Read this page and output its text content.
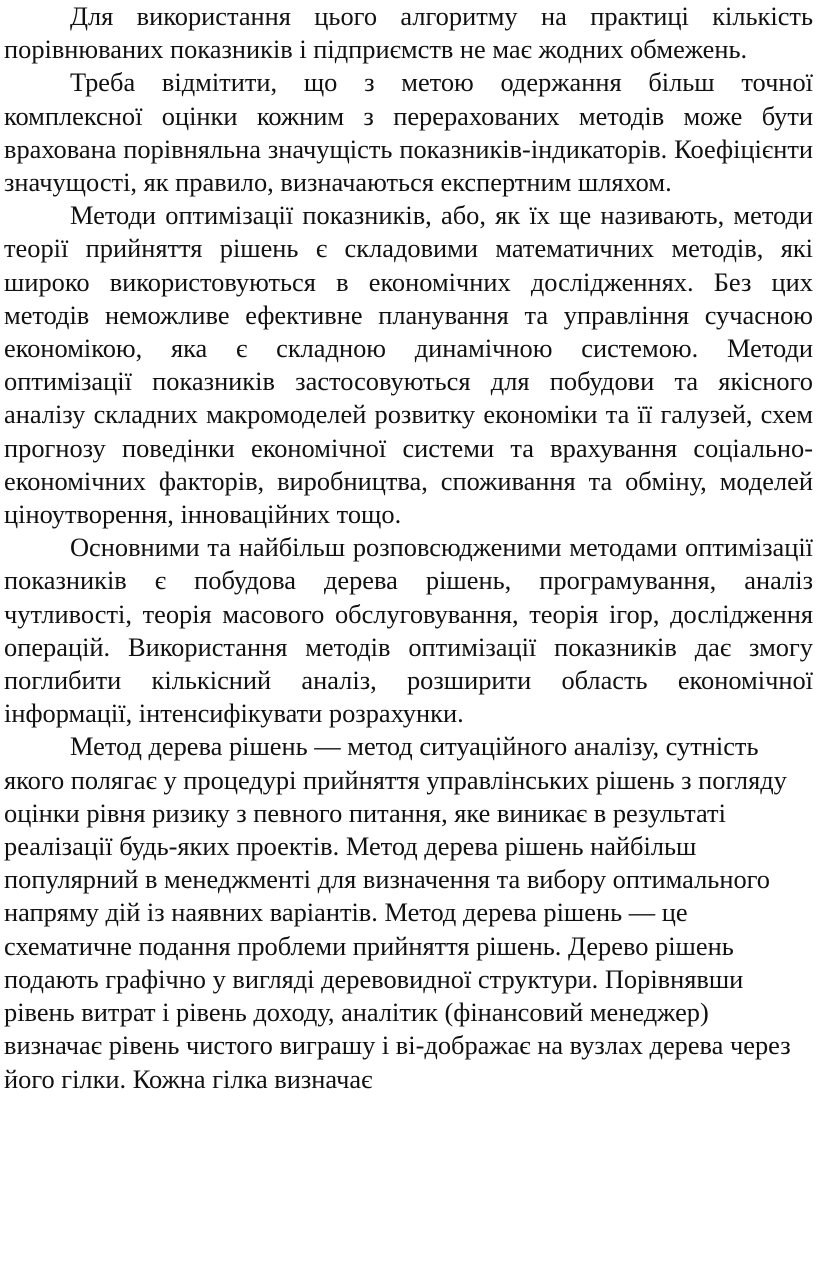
Для використання цього алгоритму на практиці кількість порівнюваних показників і підприємств не має жодних обмежень.

Треба відмітити, що з метою одержання більш точної комплексної оцінки кожним з перерахованих методів може бути врахована порівняльна значущість показників-індикаторів. Коефіцієнти значущості, як правило, визначаються експертним шляхом.

Методи оптимізації показників, або, як їх ще називають, методи теорії прийняття рішень є складовими математичних методів, які широко використовуються в економічних дослідженнях. Без цих методів неможливе ефективне планування та управління сучасною економікою, яка є складною динамічною системою. Методи оптимізації показників застосовуються для побудови та якісного аналізу складних макромоделей розвитку економіки та її галузей, схем прогнозу поведінки економічної системи та врахування соціально-економічних факторів, виробництва, споживання та обміну, моделей ціноутворення, інноваційних тощо.

Основними та найбільш розповсюдженими методами оптимізації показників є побудова дерева рішень, програмування, аналіз чутливості, теорія масового обслуговування, теорія ігор, дослідження операцій. Використання методів оптимізації показників дає змогу поглибити кількісний аналіз, розширити область економічної інформації, інтенсифікувати розрахунки.

Метод дерева рішень — метод ситуаційного аналізу, сутність якого полягає у процедурі прийняття управлінських рішень з погляду оцінки рівня ризику з певного питання, яке виникає в результаті реалізації будь-яких проектів. Метод дерева рішень найбільш популярний в менеджменті для визначення та вибору оптимального напряму дій із наявних варіантів. Метод дерева рішень — це схематичне подання проблеми прийняття рішень. Дерево рішень подають графічно у вигляді деревовидної структури. Порівнявши рівень витрат і рівень доходу, аналітик (фінансовий менеджер) визначає рівень чистого виграшу і ві-дображає на вузлах дерева через його гілки. Кожна гілка визначає
